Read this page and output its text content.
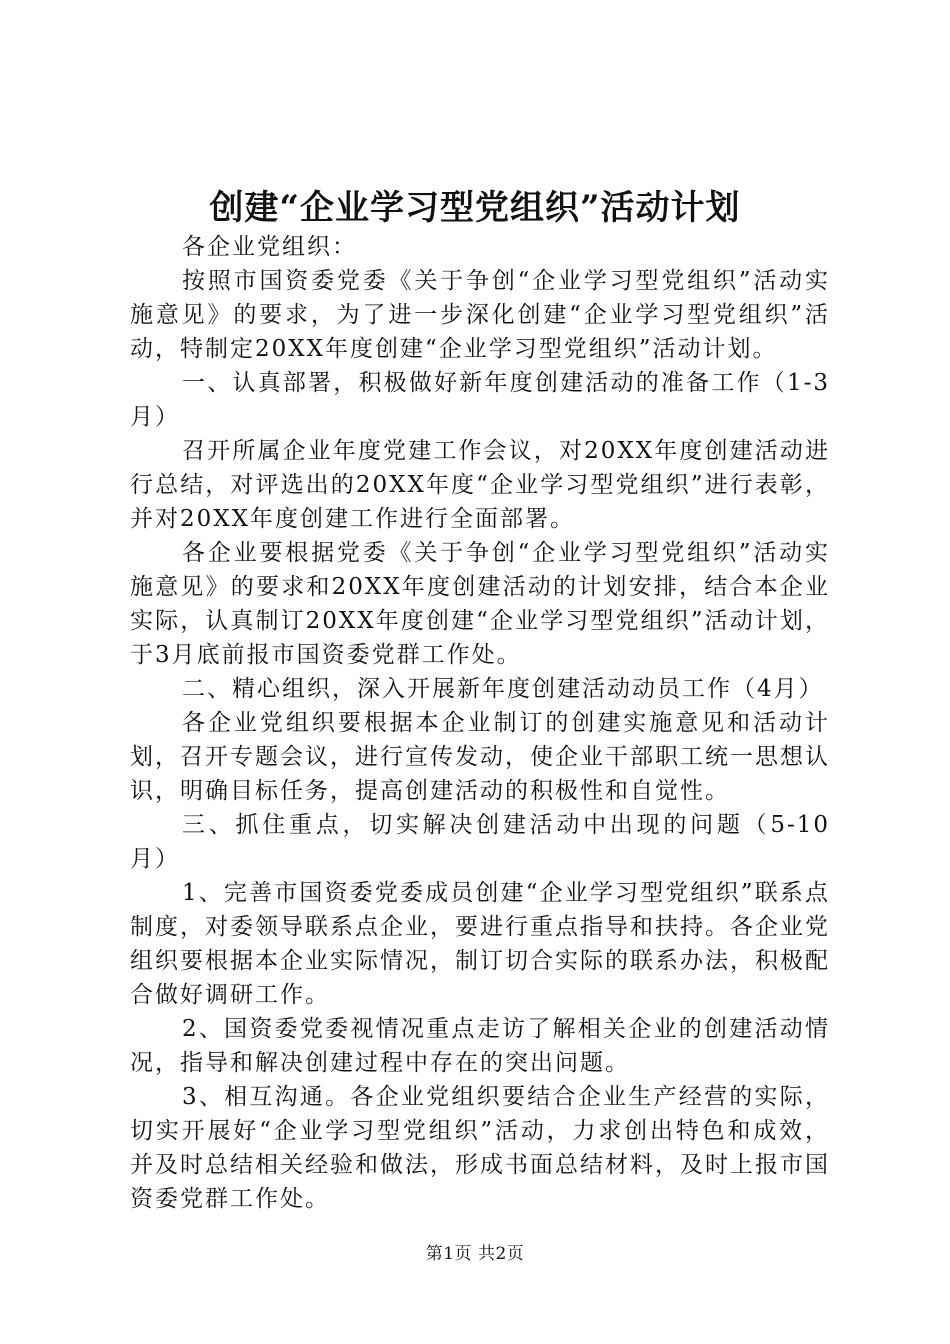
创建“企业学习型党组织”活动计划

各企业党组织：

按照市国资委党委《关于争创“企业学习型党组织”活动实施意见》的要求，为了进一步深化创建“企业学习型党组织”活动，特制定20XX年度创建“企业学习型党组织”活动计划。

一、认真部署，积极做好新年度创建活动的准备工作（1-3月）

召开所属企业年度党建工作会议，对20XX年度创建活动进行总结，对评选出的20XX年度“企业学习型党组织”进行表彰，并对20XX年度创建工作进行全面部署。

各企业要根据党委《关于争创“企业学习型党组织”活动实施意见》的要求和20XX年度创建活动的计划安排，结合本企业实际，认真制订20XX年度创建“企业学习型党组织”活动计划，于3月底前报市国资委党群工作处。

二、精心组织，深入开展新年度创建活动动员工作（4月）

各企业党组织要根据本企业制订的创建实施意见和活动计划，召开专题会议，进行宣传发动，使企业干部职工统一思想认识，明确目标任务，提高创建活动的积极性和自觉性。

三、抓住重点，切实解决创建活动中出现的问题（5-10月）

1、完善市国资委党委成员创建“企业学习型党组织”联系点制度，对委领导联系点企业，要进行重点指导和扶持。各企业党组织要根据本企业实际情况，制订切合实际的联系办法，积极配合做好调研工作。

2、国资委党委视情况重点走访了解相关企业的创建活动情况，指导和解决创建过程中存在的突出问题。

3、相互沟通。各企业党组织要结合企业生产经营的实际，切实开展好“企业学习型党组织”活动，力求创出特色和成效，并及时总结相关经验和做法，形成书面总结材料，及时上报市国资委党群工作处。

第1页 共2页
